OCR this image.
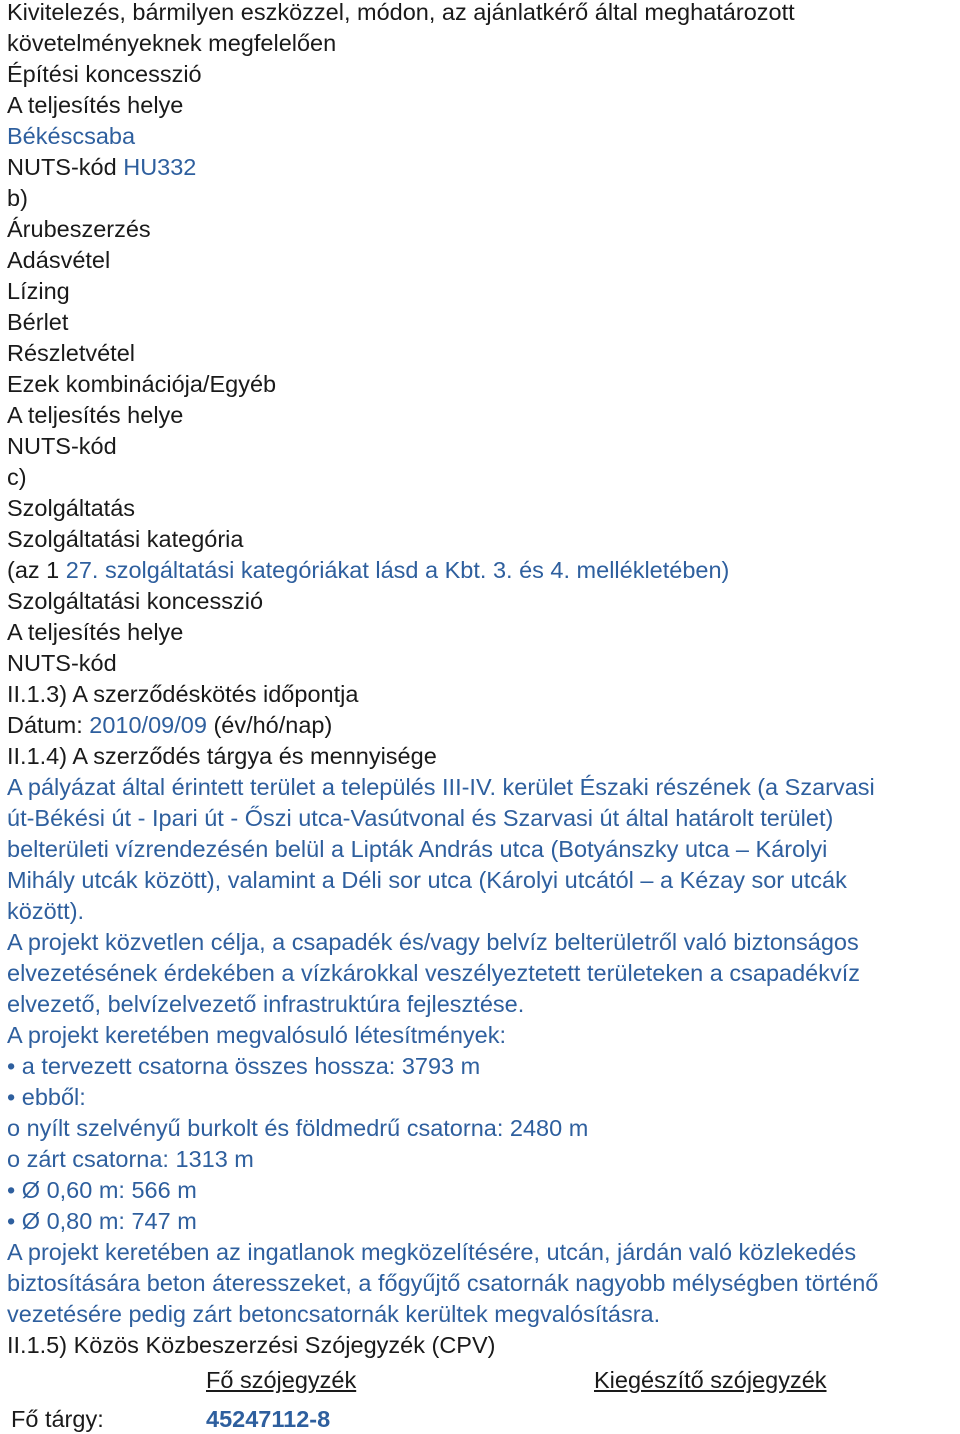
Kivitelezés, bármilyen eszközzel, módon, az ajánlatkérő által meghatározott
követelményeknek megfelelően
Építési koncesszió
A teljesítés helye
Békéscsaba
NUTS-kód HU332
b)
Árubeszerzés
Adásvétel
Lízing
Bérlet
Részletvétel
Ezek kombinációja/Egyéb
A teljesítés helye
NUTS-kód
c)
Szolgáltatás
Szolgáltatási kategória
(az 1 27. szolgáltatási kategóriákat lásd a Kbt. 3. és 4. mellékletében)
Szolgáltatási koncesszió
A teljesítés helye
NUTS-kód
II.1.3) A szerződéskötés időpontja
Dátum: 2010/09/09 (év/hó/nap)
II.1.4) A szerződés tárgya és mennyisége
A pályázat által érintett terület a település III-IV. kerület Északi részének (a Szarvasi
út-Békési út - Ipari út - Őszi utca-Vasútvonal és Szarvasi út által határolt terület)
belterületi vízrendezésén belül a Lipták András utca (Botyánszky utca – Károlyi
Mihály utcák között), valamint a Déli sor utca (Károlyi utcától – a Kézay sor utcák
között).
A projekt közvetlen célja, a csapadék és/vagy belvíz belterületről való biztonságos
elvezetésének érdekében a vízkárokkal veszélyeztetett területeken a csapadékvíz
elvezető, belvízelvezető infrastruktúra fejlesztése.
A projekt keretében megvalósuló létesítmények:
• a tervezett csatorna összes hossza: 3793 m
• ebből:
o nyílt szelvényű burkolt és földmedrű csatorna: 2480 m
o zárt csatorna: 1313 m
• Ø 0,60 m: 566 m
• Ø 0,80 m: 747 m
A projekt keretében az ingatlanok megközelítésére, utcán, járdán való közlekedés
biztosítására beton áteresszeket, a főgyűjtő csatornák nagyobb mélységben történő
vezetésére pedig zárt betoncsatornák kerültek megvalósításra.
II.1.5) Közös Közbeszerzési Szójegyzék (CPV)
Fő szójegyzék	Kiegészítő szójegyzék
Fő tárgy:	45247112-8
